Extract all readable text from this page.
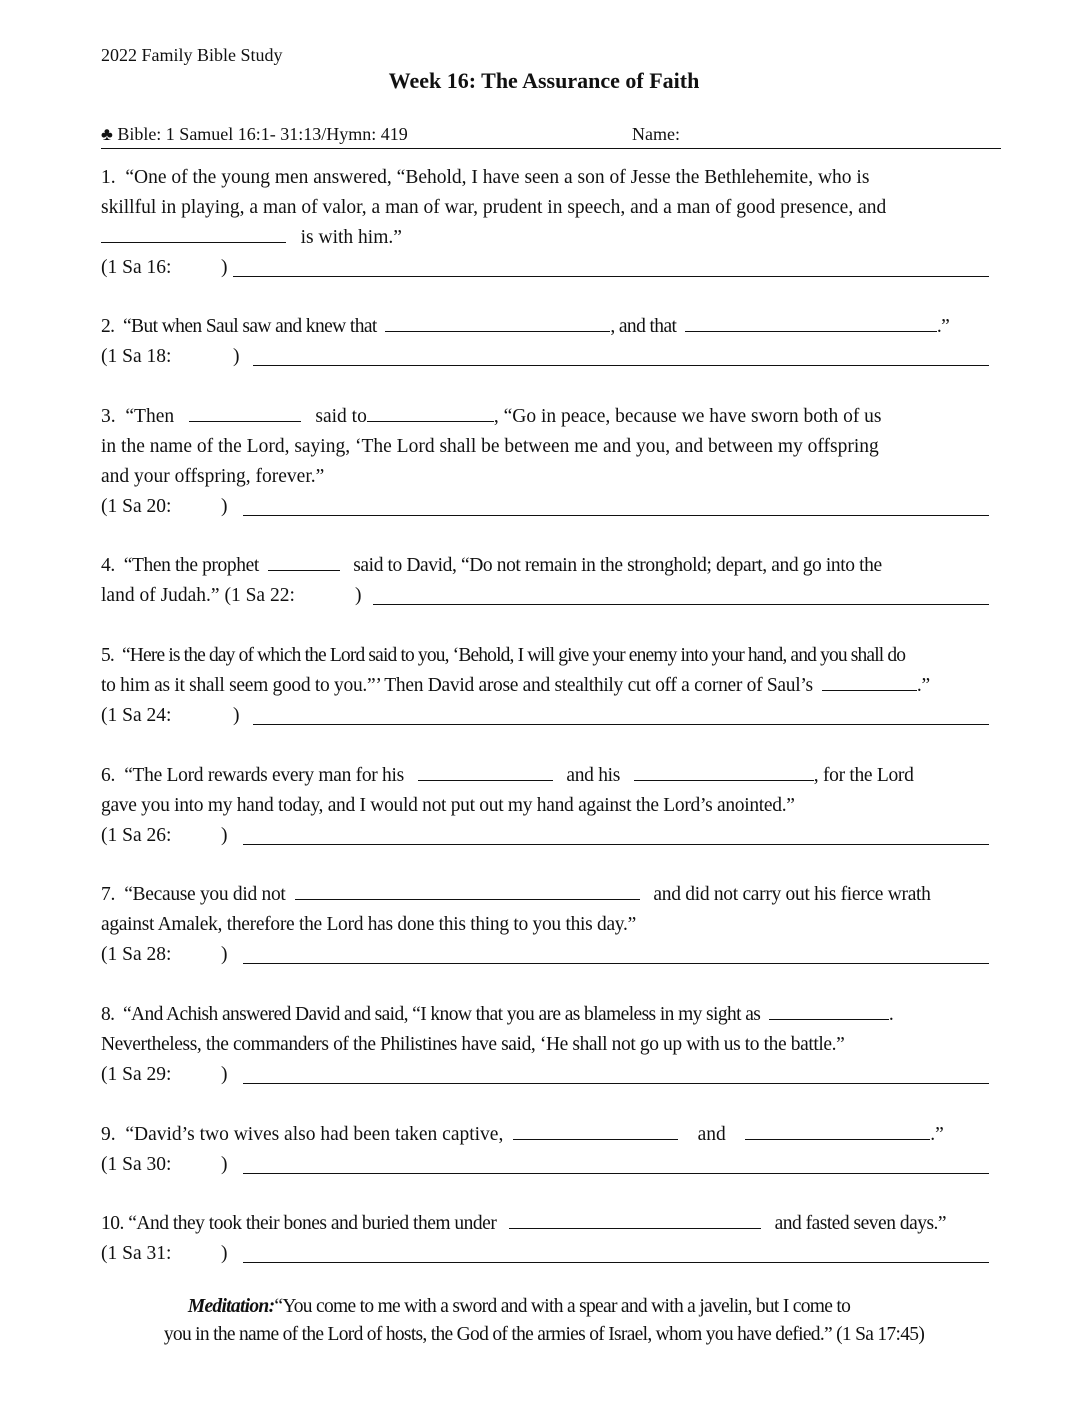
2022 Family Bible Study
Week 16: The Assurance of Faith
♣ Bible: 1 Samuel 16:1- 31:13/Hymn: 419	Name:
1. “One of the young men answered, “Behold, I have seen a son of Jesse the Bethlehemite, who is
skillful in playing, a man of valor, a man of war, prudent in speech, and a man of good presence, and
is with him.”
(1 Sa 16:	)
2. “But when Saul saw and knew that	, and that	.”
(1 Sa 18:	)
3. “Then	said to	, “Go in peace, because we have sworn both of us
in the name of the Lord, saying, ‘The Lord shall be between me and you, and between my offspring
and your offspring, forever.”
(1 Sa 20:	)
4. “Then the prophet	said to David, “Do not remain in the stronghold; depart, and go into the
land of Judah.” (1 Sa 22:	)
5. “Here is the day of which the Lord said to you, ‘Behold, I will give your enemy into your hand, and you shall do
to him as it shall seem good to you.”’ Then David arose and stealthily cut off a corner of Saul’s	.”
(1 Sa 24:	)
6. “The Lord rewards every man for his	and his	, for the Lord
gave you into my hand today, and I would not put out my hand against the Lord’s anointed.”
(1 Sa 26:	)
7. “Because you did not	and did not carry out his fierce wrath
against Amalek, therefore the Lord has done this thing to you this day.”
(1 Sa 28:	)
8. “And Achish answered David and said, “I know that you are as blameless in my sight as	.
Nevertheless, the commanders of the Philistines have said, ‘He shall not go up with us to the battle.”
(1 Sa 29:	)
9. “David’s two wives also had been taken captive,	and	.”
(1 Sa 30:	)
10. “And they took their bones and buried them under	and fasted seven days.”
(1 Sa 31:	)
Meditation:“You come to me with a sword and with a spear and with a javelin, but I come to
you in the name of the Lord of hosts, the God of the armies of Israel, whom you have defied.” (1 Sa 17:45)
